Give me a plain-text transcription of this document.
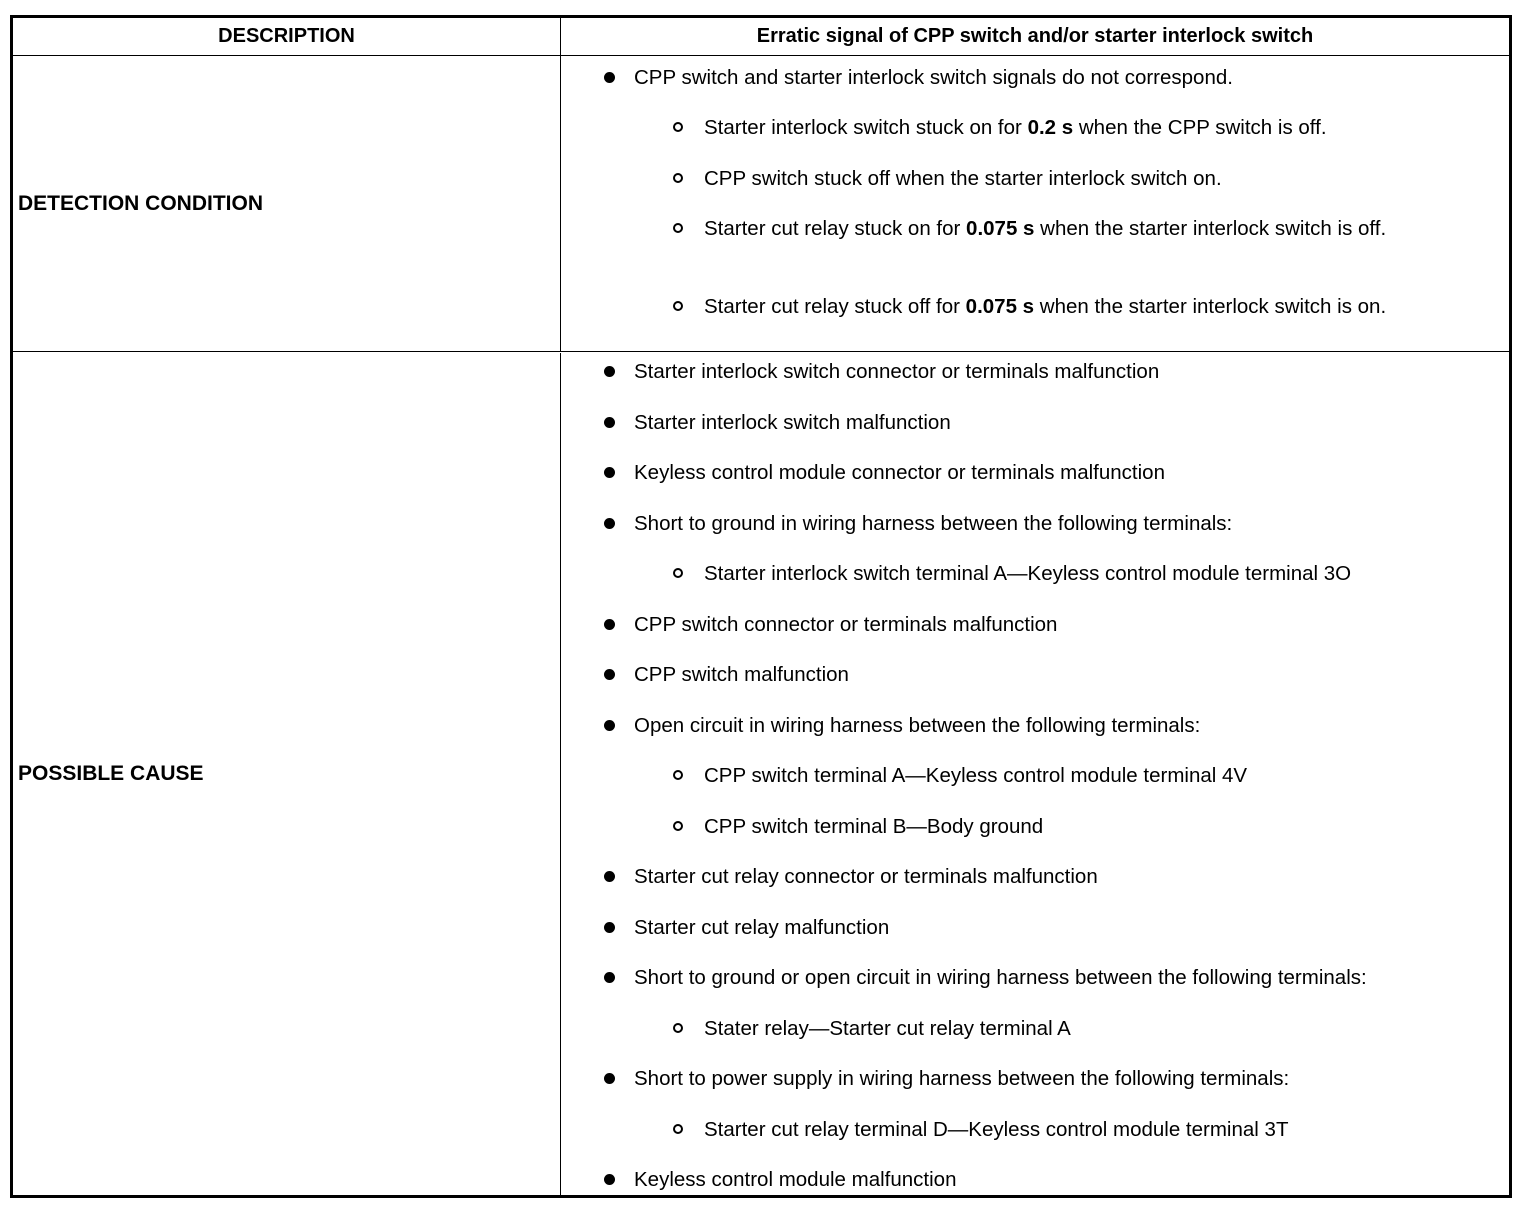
DESCRIPTION	Erratic signal of CPP switch and/or starter interlock switch
DETECTION CONDITION
CPP switch and starter interlock switch signals do not correspond.
Starter interlock switch stuck on for 0.2 s when the CPP switch is off.
CPP switch stuck off when the starter interlock switch on.
Starter cut relay stuck on for 0.075 s when the starter interlock switch is off.
Starter cut relay stuck off for 0.075 s when the starter interlock switch is on.
POSSIBLE CAUSE
Starter interlock switch connector or terminals malfunction
Starter interlock switch malfunction
Keyless control module connector or terminals malfunction
Short to ground in wiring harness between the following terminals:
Starter interlock switch terminal A—Keyless control module terminal 3O
CPP switch connector or terminals malfunction
CPP switch malfunction
Open circuit in wiring harness between the following terminals:
CPP switch terminal A—Keyless control module terminal 4V
CPP switch terminal B—Body ground
Starter cut relay connector or terminals malfunction
Starter cut relay malfunction
Short to ground or open circuit in wiring harness between the following terminals:
Stater relay—Starter cut relay terminal A
Short to power supply in wiring harness between the following terminals:
Starter cut relay terminal D—Keyless control module terminal 3T
Keyless control module malfunction
